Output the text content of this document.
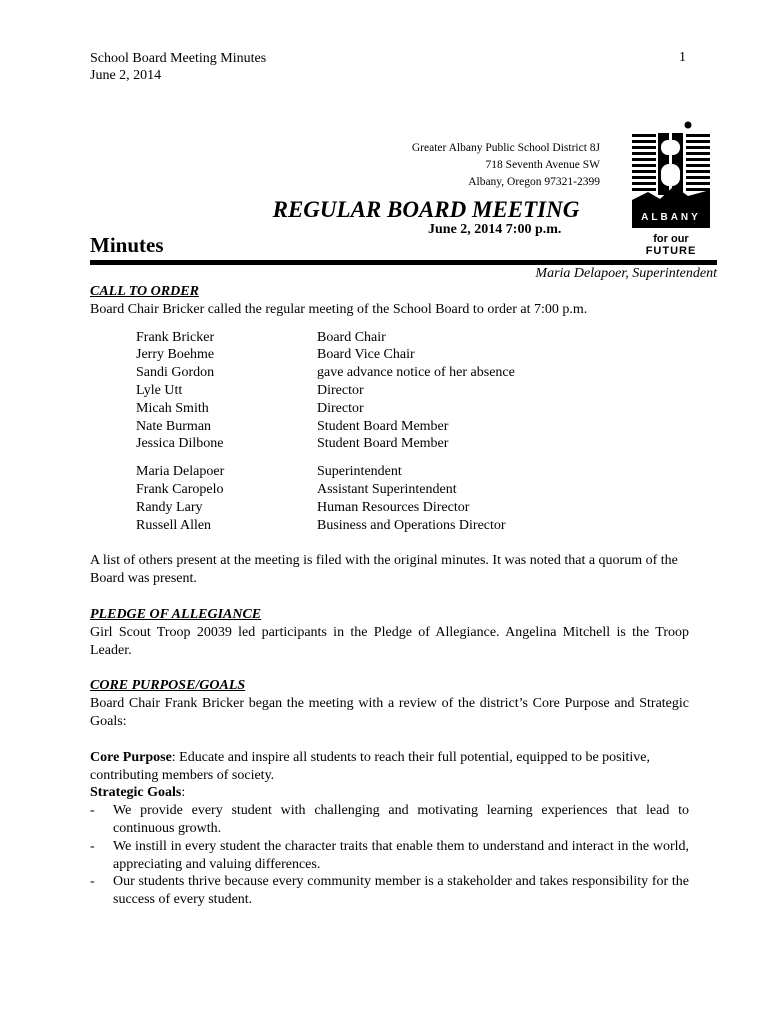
School Board Meeting Minutes
June 2, 2014
1
Greater Albany Public School District 8J
718 Seventh Avenue SW
Albany, Oregon 97321-2399
ALBANY
for our
FUTURE
REGULAR BOARD MEETING
June 2, 2014 7:00 p.m.
Minutes
Maria Delapoer, Superintendent
CALL TO ORDER

Board Chair Bricker called the regular meeting of the School Board to order at 7:00 p.m.

Frank Bricker	Board Chair
Jerry Boehme	Board Vice Chair
Sandi Gordon	gave advance notice of her absence
Lyle Utt	Director
Micah Smith	Director
Nate Burman	Student Board Member
Jessica Dilbone	Student Board Member
Maria Delapoer	Superintendent
Frank Caropelo	Assistant Superintendent
Randy Lary	Human Resources Director
Russell Allen	Business and Operations Director

A list of others present at the meeting is filed with the original minutes. It was noted that a quorum of the Board was present.

PLEDGE OF ALLEGIANCE

Girl Scout Troop 20039 led participants in the Pledge of Allegiance. Angelina Mitchell is the Troop Leader.

CORE PURPOSE/GOALS

Board Chair Frank Bricker began the meeting with a review of the district’s Core Purpose and Strategic Goals:

Core Purpose: Educate and inspire all students to reach their full potential, equipped to be positive, contributing members of society.

Strategic Goals:

- We provide every student with challenging and motivating learning experiences that lead to continuous growth.
- We instill in every student the character traits that enable them to understand and interact in the world, appreciating and valuing differences.
- Our students thrive because every community member is a stakeholder and takes responsibility for the success of every student.
